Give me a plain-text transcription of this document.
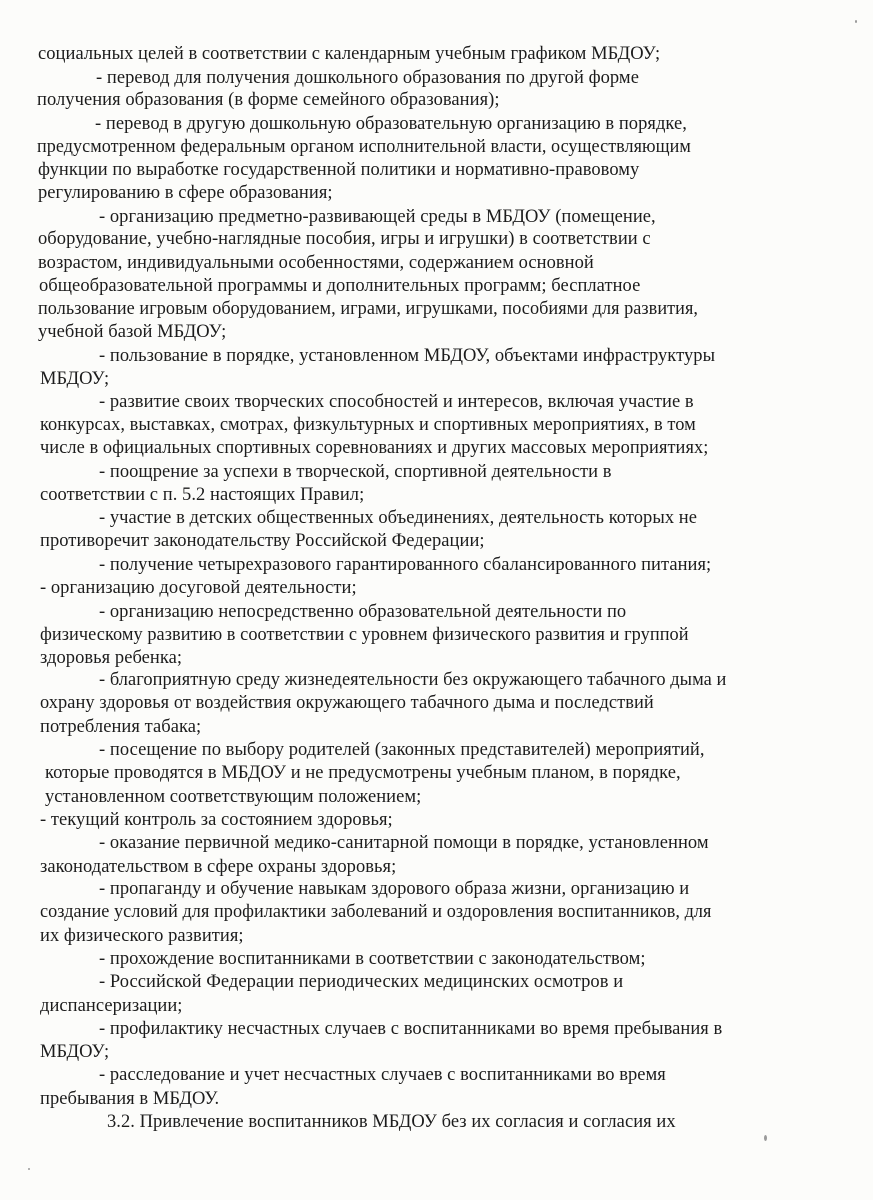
социальных целей в соответствии с календарным учебным графиком МБДОУ;
- перевод для получения дошкольного образования по другой форме
получения образования (в форме семейного образования);
- перевод в другую дошкольную образовательную организацию в порядке,
предусмотренном федеральным органом исполнительной власти, осуществляющим
функции по выработке государственной политики и нормативно-правовому
регулированию в сфере образования;
- организацию предметно-развивающей среды в МБДОУ (помещение,
оборудование, учебно-наглядные пособия, игры и игрушки) в соответствии с
возрастом, индивидуальными особенностями, содержанием основной
общеобразовательной программы и дополнительных программ; бесплатное
пользование игровым оборудованием, играми, игрушками, пособиями для развития,
учебной базой МБДОУ;
- пользование в порядке, установленном МБДОУ, объектами инфраструктуры
МБДОУ;
- развитие своих творческих способностей и интересов, включая участие в
конкурсах, выставках, смотрах, физкультурных и спортивных мероприятиях, в том
числе в официальных спортивных соревнованиях и других массовых мероприятиях;
- поощрение за успехи в творческой, спортивной деятельности в
соответствии с п. 5.2 настоящих Правил;
- участие в детских общественных объединениях, деятельность которых не
противоречит законодательству Российской Федерации;
- получение четырехразового гарантированного сбалансированного питания;
- организацию досуговой деятельности;
- организацию непосредственно образовательной деятельности по
физическому развитию в соответствии с уровнем физического развития и группой
здоровья ребенка;
- благоприятную среду жизнедеятельности без окружающего табачного дыма и
охрану здоровья от воздействия окружающего табачного дыма и последствий
потребления табака;
- посещение по выбору родителей (законных представителей) мероприятий,
которые проводятся в МБДОУ и не предусмотрены учебным планом, в порядке,
установленном соответствующим положением;
- текущий контроль за состоянием здоровья;
- оказание первичной медико-санитарной помощи в порядке, установленном
законодательством в сфере охраны здоровья;
- пропаганду и обучение навыкам здорового образа жизни, организацию и
создание условий для профилактики заболеваний и оздоровления воспитанников, для
их физического развития;
- прохождение воспитанниками в соответствии с законодательством;
- Российской Федерации периодических медицинских осмотров и
диспансеризации;
- профилактику несчастных случаев с воспитанниками во время пребывания в
МБДОУ;
- расследование и учет несчастных случаев с воспитанниками во время
пребывания в МБДОУ.
3.2. Привлечение воспитанников МБДОУ без их согласия и согласия их
